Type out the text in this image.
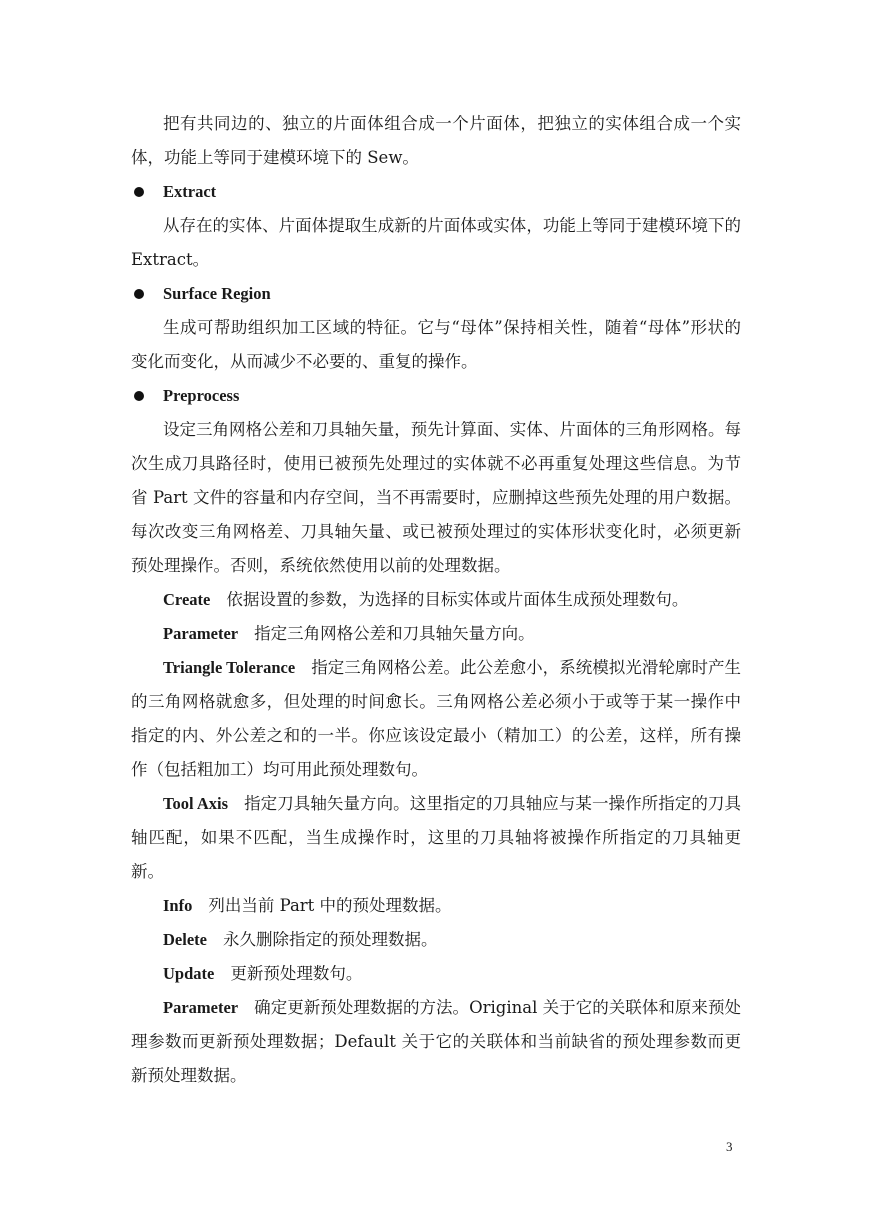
把有共同边的、独立的片面体组合成一个片面体，把独立的实体组合成一个实体，功能上等同于建模环境下的 Sew。

Extract

从存在的实体、片面体提取生成新的片面体或实体，功能上等同于建模环境下的 Extract。

Surface Region

生成可帮助组织加工区域的特征。它与“母体”保持相关性，随着“母体”形状的变化而变化，从而减少不必要的、重复的操作。

Preprocess

设定三角网格公差和刀具轴矢量，预先计算面、实体、片面体的三角形网格。每次生成刀具路径时，使用已被预先处理过的实体就不必再重复处理这些信息。为节省 Part 文件的容量和内存空间，当不再需要时，应删掉这些预先处理的用户数据。每次改变三角网格差、刀具轴矢量、或已被预处理过的实体形状变化时，必须更新预处理操作。否则，系统依然使用以前的处理数据。

Create 依据设置的参数，为选择的目标实体或片面体生成预处理数句。

Parameter 指定三角网格公差和刀具轴矢量方向。

Triangle Tolerance 指定三角网格公差。此公差愈小，系统模拟光滑轮廓时产生的三角网格就愈多，但处理的时间愈长。三角网格公差必须小于或等于某一操作中指定的内、外公差之和的一半。你应该设定最小（精加工）的公差，这样，所有操作（包括粗加工）均可用此预处理数句。

Tool Axis 指定刀具轴矢量方向。这里指定的刀具轴应与某一操作所指定的刀具轴匹配，如果不匹配，当生成操作时，这里的刀具轴将被操作所指定的刀具轴更新。

Info 列出当前 Part 中的预处理数据。

Delete 永久删除指定的预处理数据。

Update 更新预处理数句。

Parameter 确定更新预处理数据的方法。Original 关于它的关联体和原来预处理参数而更新预处理数据；Default 关于它的关联体和当前缺省的预处理参数而更新预处理数据。

3
